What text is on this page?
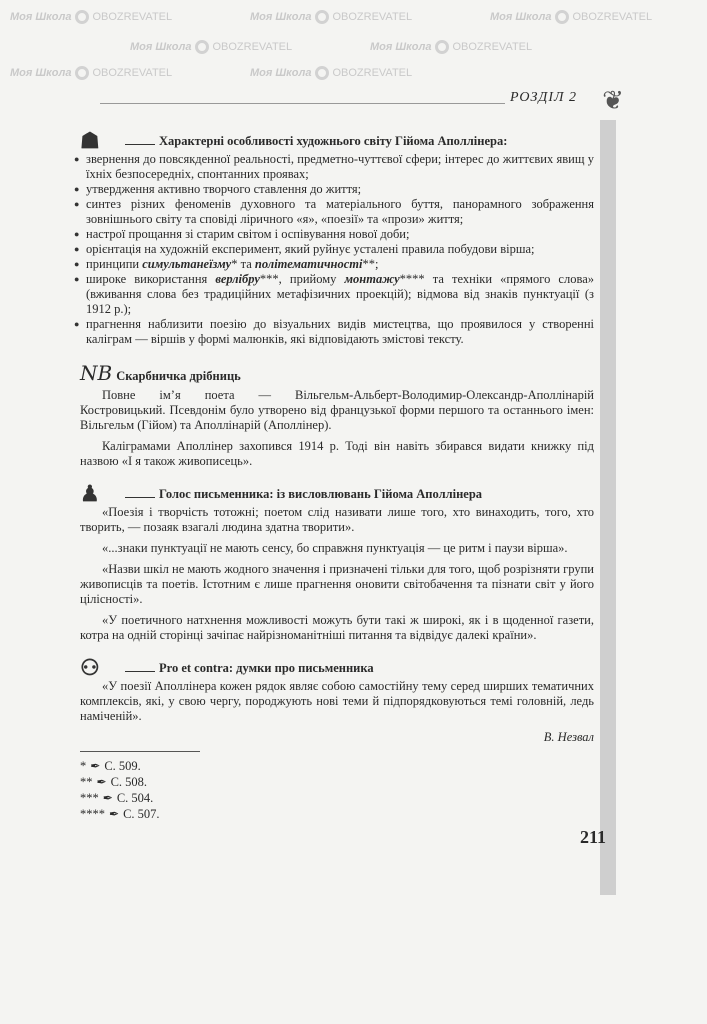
Моя Школа OBOZREVATEL	Моя Школа OBOZREVATEL	Моя Школа OBOZREVATEL
Моя Школа OBOZREVATEL	Моя Школа OBOZREVATEL
Моя Школа OBOZREVATEL	Моя Школа OBOZREVATEL
РОЗДІЛ 2 ❦
☗	Характерні особливості художнього світу Гійома Аполлінера:
● звернення до повсякденної реальності, предметно-чуттєвої сфери; інтерес до життєвих явищ у їхніх безпосередніх, спонтанних проявах;
● утвердження активно творчого ставлення до життя;
● синтез різних феноменів духовного та матеріального буття, панорамного зображення зовнішнього світу та сповіді ліричного «я», «поезії» та «прози» життя;
● настрої прощання зі старим світом і оспівування нової доби;
● орієнтація на художній експеримент, який руйнує усталені правила побудови вірша;
● принципи симультанеїзму* та політематичності**;
● широке використання верлібру***, прийому монтажу**** та техніки «прямого слова» (вживання слова без традиційних метафізичних проекцій); відмова від знаків пунктуації (з 1912 р.);
● прагнення наблизити поезію до візуальних видів мистецтва, що проявилося у створенні каліграм — віршів у формі малюнків, які відповідають змістові тексту.
NB Скарбничка дрібниць

Повне ім’я поета — Вільгельм-Альберт-Володимир-Олександр-Аполлінарій Костровицький. Псевдонім було утворено від французької форми першого та останнього імен: Вільгельм (Гійом) та Аполлінарій (Аполлінер).

Каліграмами Аполлінер захопився 1914 р. Тоді він навіть збирався видати книжку під назвою «І я також живописець».

♟	Голос письменника: із висловлювань Гійома Аполлінера

«Поезія і творчість тотожні; поетом слід називати лише того, хто винаходить, того, хто творить, — позаяк взагалі людина здатна творити».

«...знаки пунктуації не мають сенсу, бо справжня пунктуація — це ритм і паузи вірша».

«Назви шкіл не мають жодного значення і призначені тільки для того, щоб розрізняти групи живописців та поетів. Істотним є лише прагнення оновити світобачення та пізнати світ у його цілісності».

«У поетичного натхнення можливості можуть бути такі ж широкі, як і в щоденної газети, котра на одній сторінці зачіпає найрізноманітніші питання та відвідує далекі країни».

⚇	Pro et contra: думки про письменника

«У поезії Аполлінера кожен рядок являє собою самостійну тему серед ширших тематичних комплексів, які, у свою чергу, породжують нові теми й підпорядковуються темі головній, ледь наміченій».

В. Незвал
* ✒ С. 509.
** ✒ С. 508.
*** ✒ С. 504.
**** ✒ С. 507.
211
